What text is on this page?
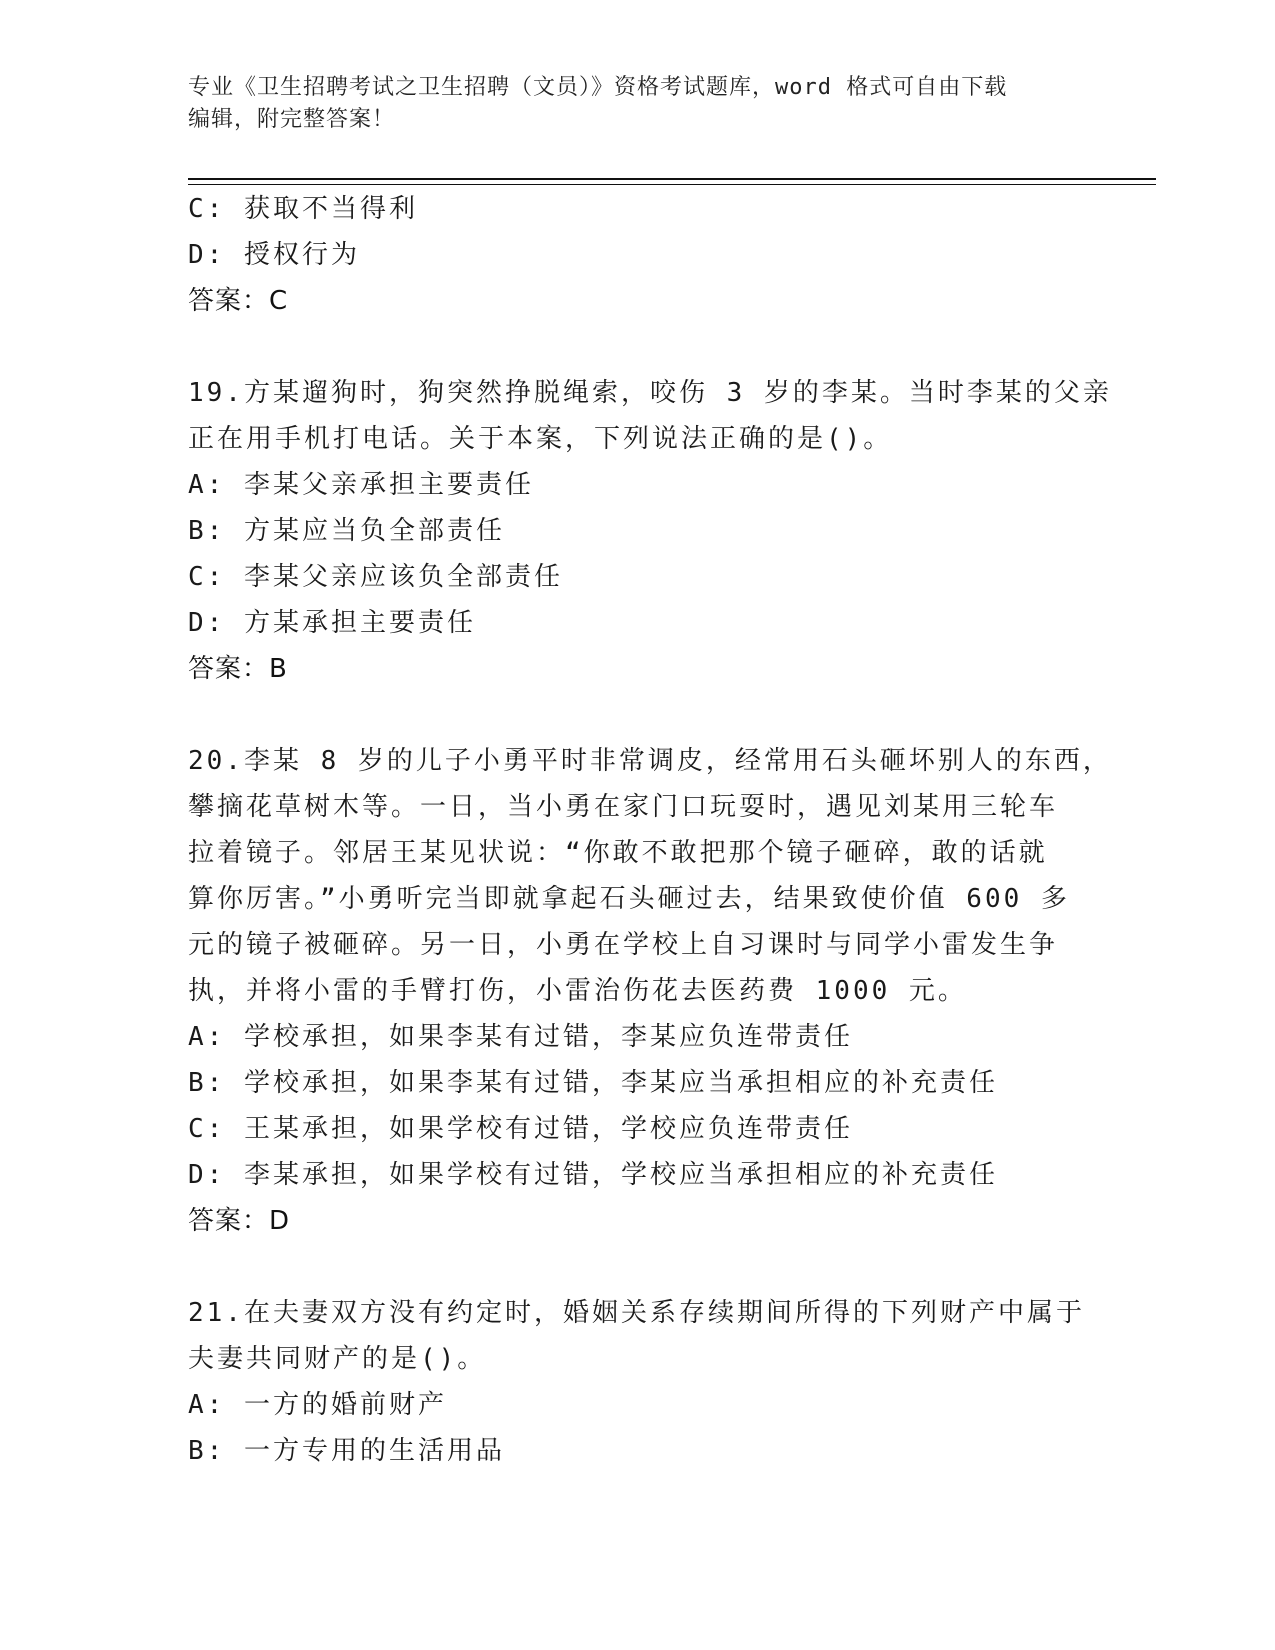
专业《卫生招聘考试之卫生招聘（文员）》资格考试题库，word 格式可自由下载
编辑，附完整答案！
C: 获取不当得利
D: 授权行为
答案：C
19.方某遛狗时，狗突然挣脱绳索，咬伤 3 岁的李某。当时李某的父亲
正在用手机打电话。关于本案，下列说法正确的是()。
A: 李某父亲承担主要责任
B: 方某应当负全部责任
C: 李某父亲应该负全部责任
D: 方某承担主要责任
答案：B
20.李某 8 岁的儿子小勇平时非常调皮，经常用石头砸坏别人的东西，
攀摘花草树木等。一日，当小勇在家门口玩耍时，遇见刘某用三轮车
拉着镜子。邻居王某见状说：“你敢不敢把那个镜子砸碎，敢的话就
算你厉害。”小勇听完当即就拿起石头砸过去，结果致使价值 600 多
元的镜子被砸碎。另一日，小勇在学校上自习课时与同学小雷发生争
执，并将小雷的手臂打伤，小雷治伤花去医药费 1000 元。
A: 学校承担，如果李某有过错，李某应负连带责任
B: 学校承担，如果李某有过错，李某应当承担相应的补充责任
C: 王某承担，如果学校有过错，学校应负连带责任
D: 李某承担，如果学校有过错，学校应当承担相应的补充责任
答案：D
21.在夫妻双方没有约定时，婚姻关系存续期间所得的下列财产中属于
夫妻共同财产的是()。
A: 一方的婚前财产
B: 一方专用的生活用品
